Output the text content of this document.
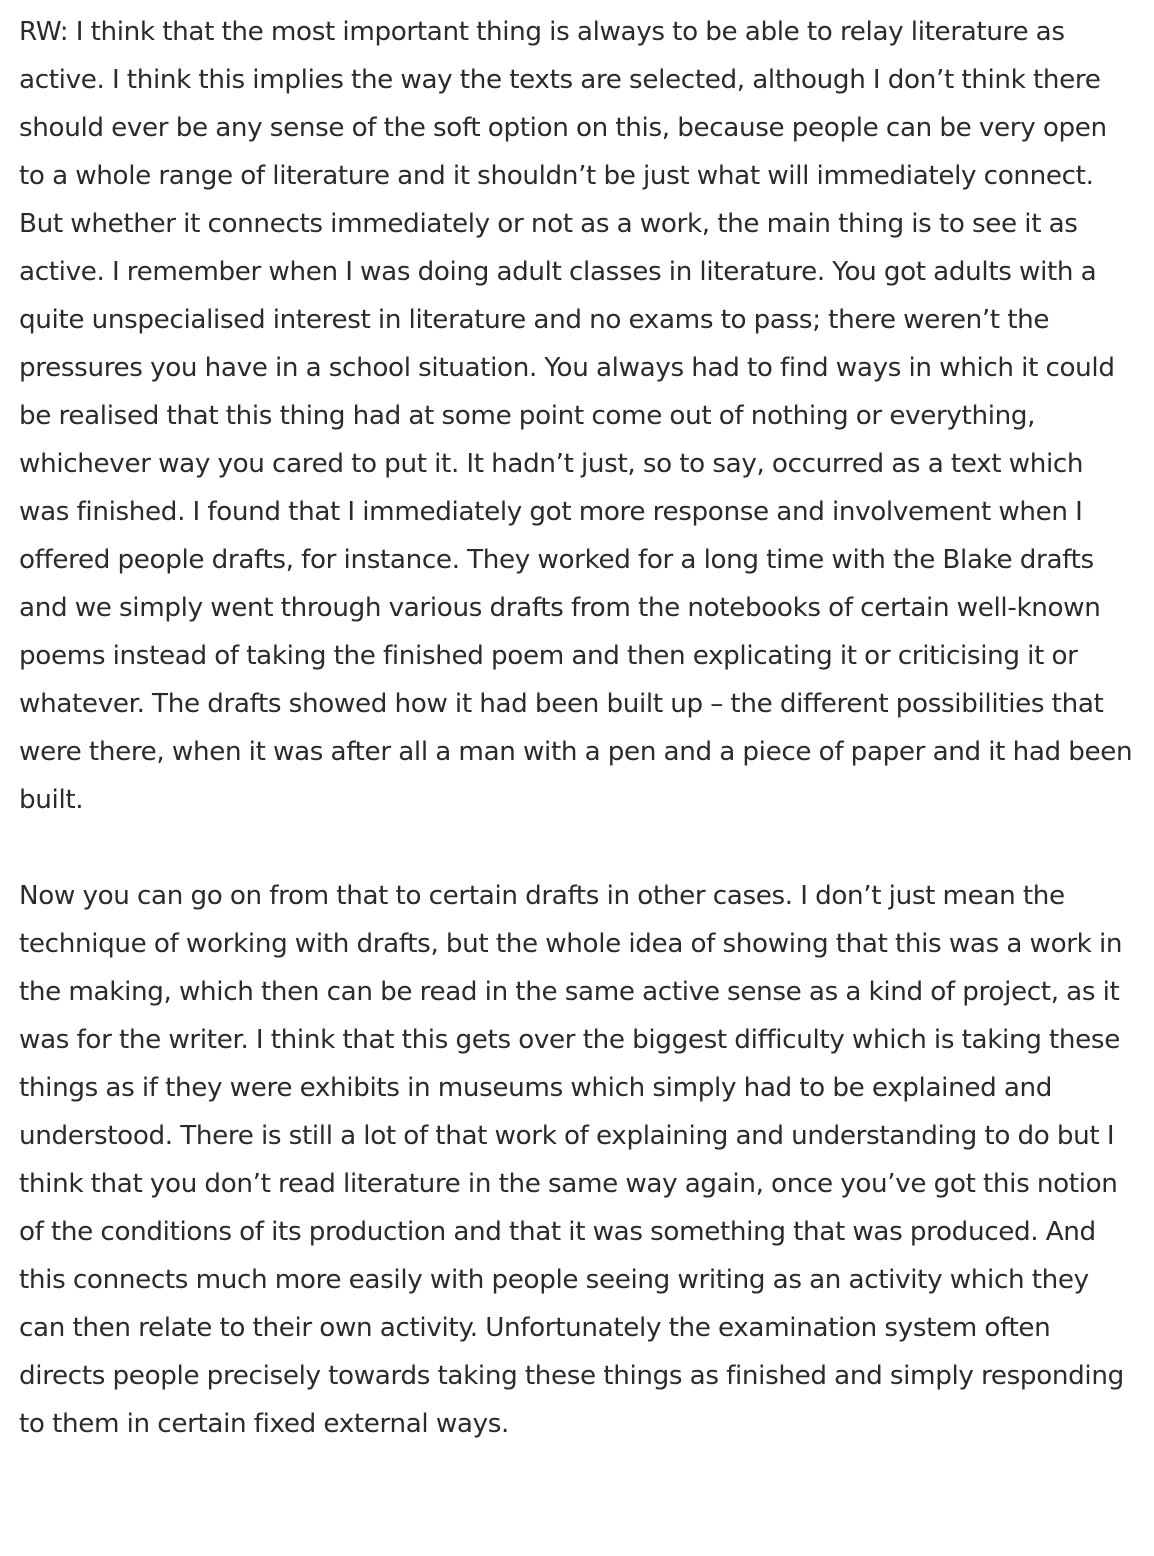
RW: I think that the most important thing is always to be able to relay literature as active. I think this implies the way the texts are selected, although I don’t think there should ever be any sense of the soft option on this, because people can be very open to a whole range of literature and it shouldn’t be just what will immediately connect. But whether it connects immediately or not as a work, the main thing is to see it as active. I remember when I was doing adult classes in literature. You got adults with a quite unspecialised interest in literature and no exams to pass; there weren’t the pressures you have in a school situation. You always had to find ways in which it could be realised that this thing had at some point come out of nothing or everything, whichever way you cared to put it. It hadn’t just, so to say, occurred as a text which was finished. I found that I immediately got more response and involvement when I offered people drafts, for instance. They worked for a long time with the Blake drafts and we simply went through various drafts from the notebooks of certain well-known poems instead of taking the finished poem and then explicating it or criticising it or whatever. The drafts showed how it had been built up – the different possibilities that were there, when it was after all a man with a pen and a piece of paper and it had been built.

Now you can go on from that to certain drafts in other cases. I don’t just mean the technique of working with drafts, but the whole idea of showing that this was a work in the making, which then can be read in the same active sense as a kind of project, as it was for the writer. I think that this gets over the biggest difficulty which is taking these things as if they were exhibits in museums which simply had to be explained and understood. There is still a lot of that work of explaining and understanding to do but I think that you don’t read literature in the same way again, once you’ve got this notion of the conditions of its production and that it was something that was produced. And this connects much more easily with people seeing writing as an activity which they can then relate to their own activity. Unfortunately the examination system often directs people precisely towards taking these things as finished and simply responding to them in certain fixed external ways.
